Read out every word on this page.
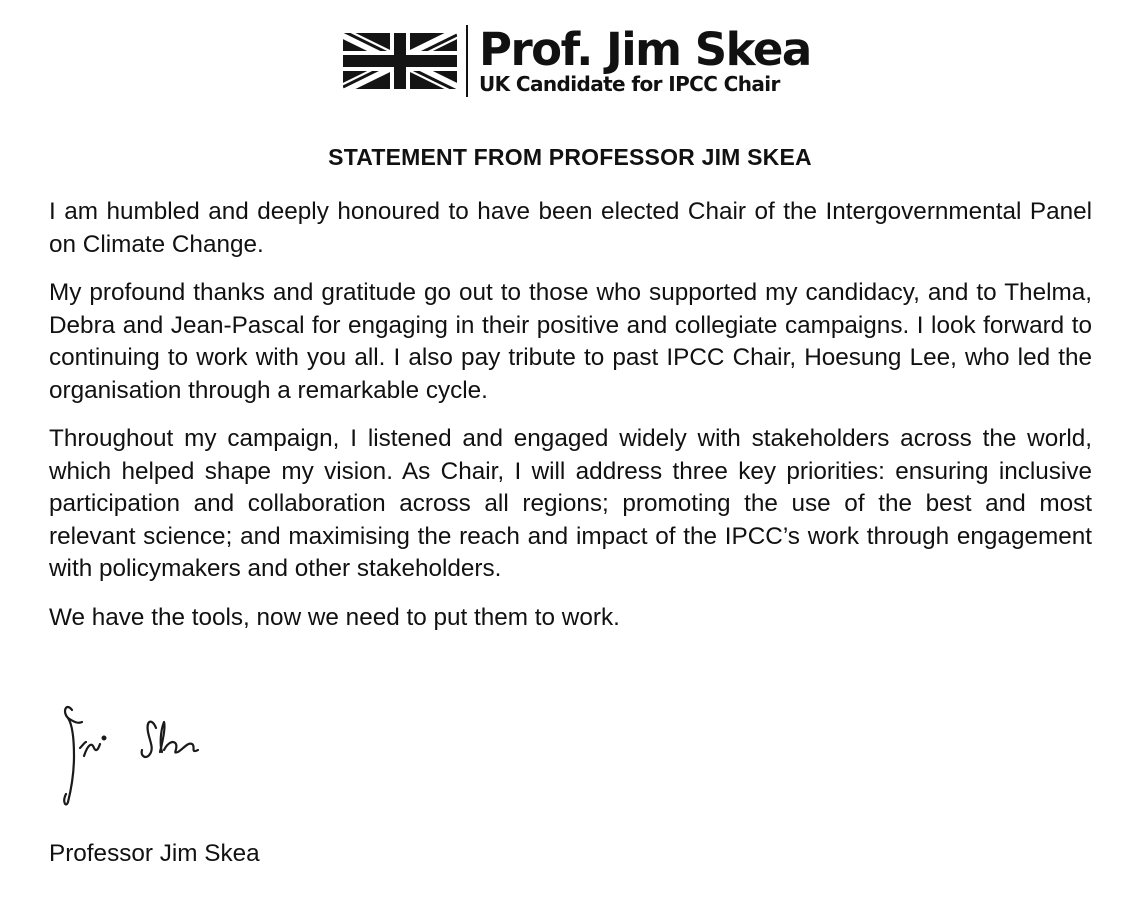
Prof. Jim Skea
UK Candidate for IPCC Chair
STATEMENT FROM PROFESSOR JIM SKEA

I am humbled and deeply honoured to have been elected Chair of the Intergovernmental Panel on Climate Change.

My profound thanks and gratitude go out to those who supported my candidacy, and to Thelma, Debra and Jean-Pascal for engaging in their positive and collegiate campaigns. I look forward to continuing to work with you all. I also pay tribute to past IPCC Chair, Hoesung Lee, who led the organisation through a remarkable cycle.

Throughout my campaign, I listened and engaged widely with stakeholders across the world, which helped shape my vision. As Chair, I will address three key priorities: ensuring inclusive participation and collaboration across all regions; promoting the use of the best and most relevant science; and maximising the reach and impact of the IPCC’s work through engagement with policymakers and other stakeholders.

We have the tools, now we need to put them to work.

Professor Jim Skea
